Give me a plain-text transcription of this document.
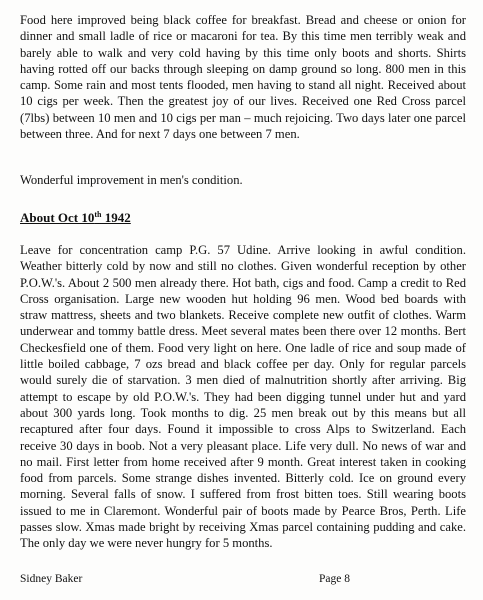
Food here improved being black coffee for breakfast. Bread and cheese or onion for dinner and small ladle of rice or macaroni for tea. By this time men terribly weak and barely able to walk and very cold having by this time only boots and shorts. Shirts having rotted off our backs through sleeping on damp ground so long. 800 men in this camp. Some rain and most tents flooded, men having to stand all night. Received about 10 cigs per week. Then the greatest joy of our lives. Received one Red Cross parcel (7lbs) between 10 men and 10 cigs per man – much rejoicing. Two days later one parcel between three. And for next 7 days one between 7 men.

Wonderful improvement in men's condition.

About Oct 10th 1942

Leave for concentration camp P.G. 57 Udine. Arrive looking in awful condition. Weather bitterly cold by now and still no clothes. Given wonderful reception by other P.O.W.'s. About 2 500 men already there. Hot bath, cigs and food. Camp a credit to Red Cross organisation. Large new wooden hut holding 96 men. Wood bed boards with straw mattress, sheets and two blankets. Receive complete new outfit of clothes. Warm underwear and tommy battle dress. Meet several mates been there over 12 months. Bert Checkesfield one of them. Food very light on here. One ladle of rice and soup made of little boiled cabbage, 7 ozs bread and black coffee per day. Only for regular parcels would surely die of starvation. 3 men died of malnutrition shortly after arriving. Big attempt to escape by old P.O.W.'s. They had been digging tunnel under hut and yard about 300 yards long. Took months to dig. 25 men break out by this means but all recaptured after four days. Found it impossible to cross Alps to Switzerland. Each receive 30 days in boob. Not a very pleasant place. Life very dull. No news of war and no mail. First letter from home received after 9 month. Great interest taken in cooking food from parcels. Some strange dishes invented. Bitterly cold. Ice on ground every morning. Several falls of snow. I suffered from frost bitten toes. Still wearing boots issued to me in Claremont. Wonderful pair of boots made by Pearce Bros, Perth. Life passes slow. Xmas made bright by receiving Xmas parcel containing pudding and cake. The only day we were never hungry for 5 months.

Sidney Baker	Page 8
